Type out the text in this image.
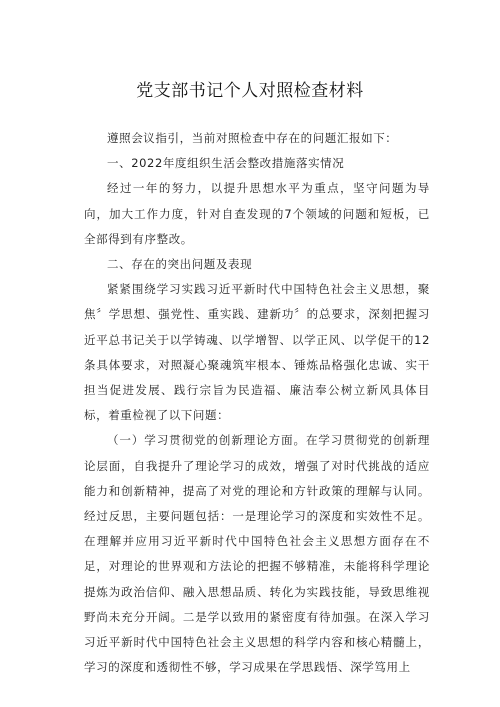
党支部书记个人对照检查材料

遵照会议指引，当前对照检查中存在的问题汇报如下：

一、2022年度组织生活会整改措施落实情况

经过一年的努力，以提升思想水平为重点，坚守问题为导向，加大工作力度，针对自查发现的7个领域的问题和短板，已全部得到有序整改。

二、存在的突出问题及表现

紧紧围绕学习实践习近平新时代中国特色社会主义思想，聚焦〞学思想、强党性、重实践、建新功〞的总要求，深刻把握习近平总书记关于以学铸魂、以学增智、以学正风、以学促干的12条具体要求，对照凝心聚魂筑牢根本、锤炼品格强化忠诚、实干担当促进发展、践行宗旨为民造福、廉洁奉公树立新风具体目标，着重检视了以下问题：

（一）学习贯彻党的创新理论方面。在学习贯彻党的创新理论层面，自我提升了理论学习的成效，增强了对时代挑战的适应能力和创新精神，提高了对党的理论和方针政策的理解与认同。经过反思，主要问题包括：一是理论学习的深度和实效性不足。在理解并应用习近平新时代中国特色社会主义思想方面存在不足，对理论的世界观和方法论的把握不够精准，未能将科学理论提炼为政治信仰、融入思想品质、转化为实践技能，导致思维视野尚未充分开阔。二是学以致用的紧密度有待加强。在深入学习习近平新时代中国特色社会主义思想的科学内容和核心精髓上，学习的深度和透彻性不够，学习成果在学思践悟、深学笃用上
